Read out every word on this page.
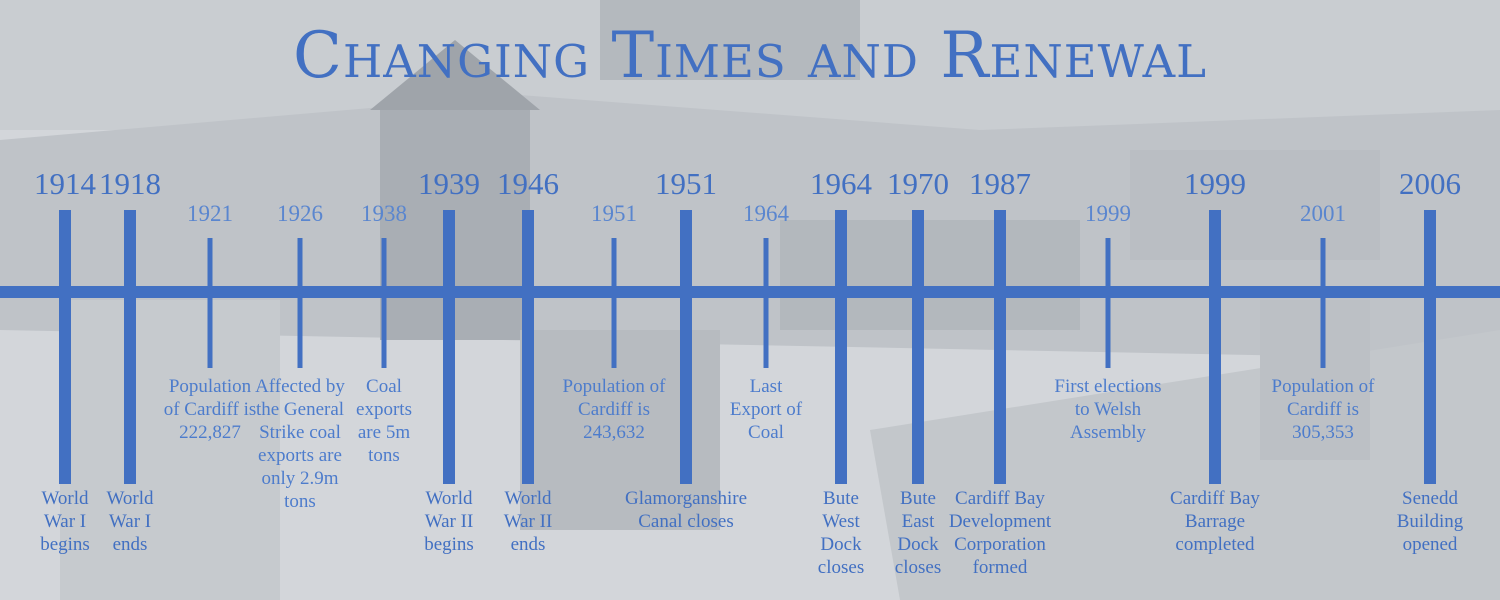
Changing Times and Renewal
1914
World War I begins
1918
World War I ends
1921
Population of Cardiff is 222,827
1926
Affected by the General Strike coal exports are only 2.9m tons
1938
Coal exports are 5m tons
1939
World War II begins
1946
World War II ends
1951
Population of Cardiff is 243,632
1951
Glamorganshire Canal closes
1964
Last Export of Coal
1964
Bute West Dock closes
1970
Bute East Dock closes
1987
Cardiff Bay Development Corporation formed
1999
First elections to Welsh Assembly
1999
Cardiff Bay Barrage completed
2001
Population of Cardiff is 305,353
2006
Senedd Building opened
